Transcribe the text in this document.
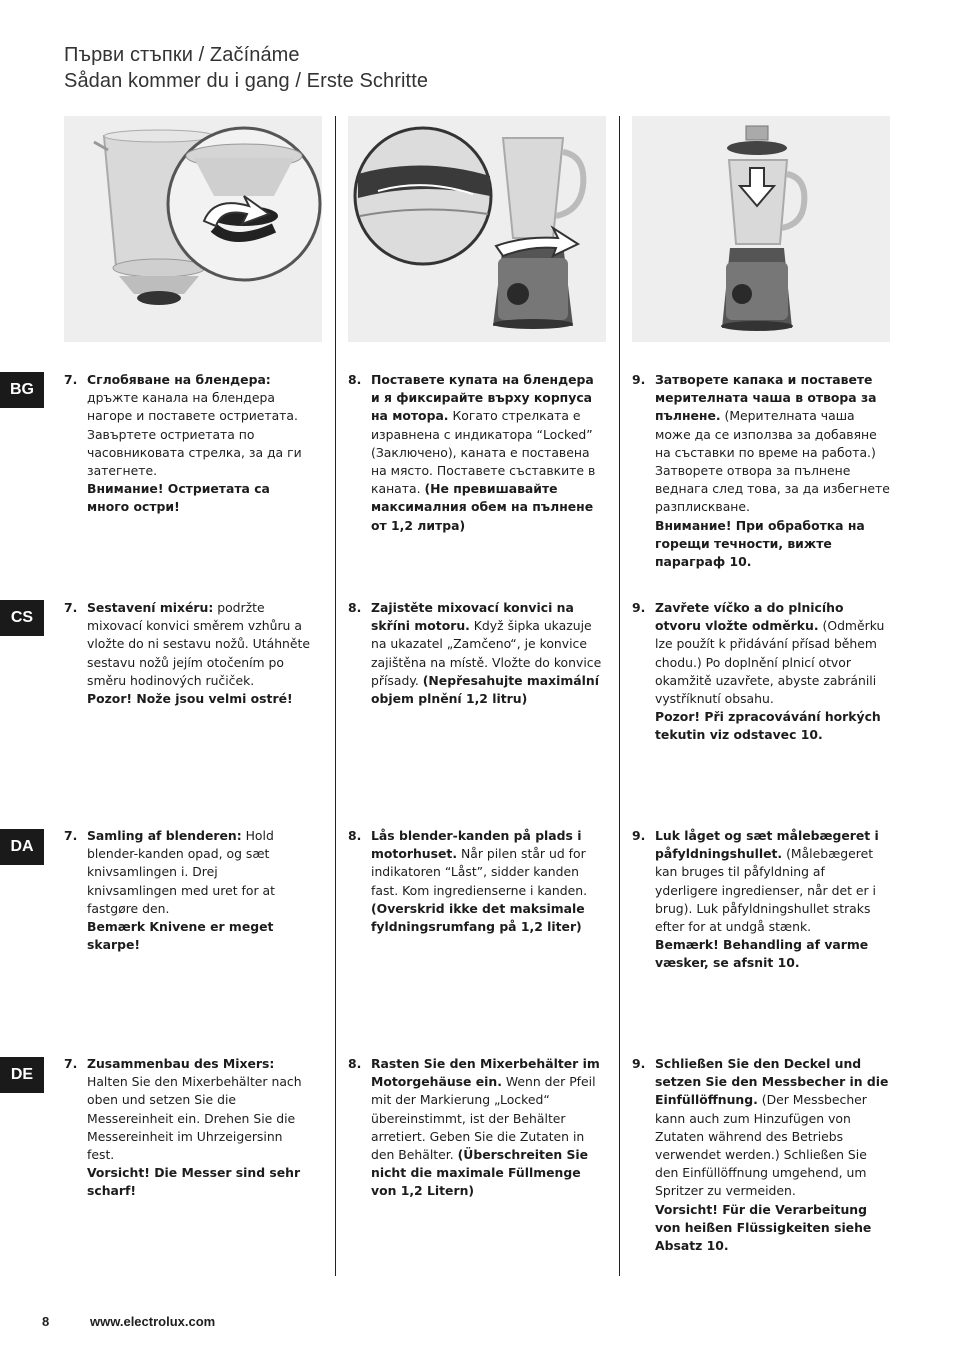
Първи стъпки / Začínáme
Sådan kommer du i gang / Erste Schritte
BG
CS
DA
DE
7. Сглобяване на блендера: дръжте канала на блендера нагоре и поставете остриетата. Завъртете остриетата по часовниковата стрелка, за да ги затегнете.
Внимание! Остриетата са много остри!
8. Поставете купата на блендера и я фиксирайте върху корпуса на мотора. Когато стрелката е изравнена с индикатора “Locked” (Заключено), каната е поставена на място. Поставете съставките в каната. (Не превишавайте максималния обем на пълнене от 1,2 литра)
9. Затворете капака и поставете мерителната чаша в отвора за пълнене. (Мерителната чаша може да се използва за добавяне на съставки по време на работа.) Затворете отвора за пълнене веднага след това, за да избегнете разплискване.
Внимание! При обработка на горещи течности, вижте параграф 10.
7. Sestavení mixéru: podržte mixovací konvici směrem vzhůru a vložte do ni sestavu nožů. Utáhněte sestavu nožů jejím otočením po směru hodinových ručiček.
Pozor! Nože jsou velmi ostré!
8. Zajistěte mixovací konvici na skříni motoru. Když šipka ukazuje na ukazatel „Zamčeno“, je konvice zajištěna na místě. Vložte do konvice přísady. (Nepřesahujte maximální objem plnění 1,2 litru)
9. Zavřete víčko a do plnicího otvoru vložte odměrku. (Odměrku lze použít k přidávání přísad během chodu.) Po doplnění plnicí otvor okamžitě uzavřete, abyste zabránili vystříknutí obsahu.
Pozor! Při zpracovávání horkých tekutin viz odstavec 10.
7. Samling af blenderen: Hold blender-kanden opad, og sæt knivsamlingen i. Drej knivsamlingen med uret for at fastgøre den.
Bemærk Knivene er meget skarpe!
8. Lås blender-kanden på plads i motorhuset. Når pilen står ud for indikatoren “Låst”, sidder kanden fast. Kom ingredienserne i kanden. (Overskrid ikke det maksimale fyldningsrumfang på 1,2 liter)
9. Luk låget og sæt målebægeret i påfyldningshullet. (Målebægeret kan bruges til påfyldning af yderligere ingredienser, når det er i brug). Luk påfyldningshullet straks efter for at undgå stænk.
Bemærk! Behandling af varme væsker, se afsnit 10.
7. Zusammenbau des Mixers: Halten Sie den Mixerbehälter nach oben und setzen Sie die Messereinheit ein. Drehen Sie die Messereinheit im Uhrzeigersinn fest.
Vorsicht! Die Messer sind sehr scharf!
8. Rasten Sie den Mixerbehälter im Motorgehäuse ein. Wenn der Pfeil mit der Markierung „Locked“ übereinstimmt, ist der Behälter arretiert. Geben Sie die Zutaten in den Behälter. (Überschreiten Sie nicht die maximale Füllmenge von 1,2 Litern)
9. Schließen Sie den Deckel und setzen Sie den Messbecher in die Einfüllöffnung. (Der Messbecher kann auch zum Hinzufügen von Zutaten während des Betriebs verwendet werden.) Schließen Sie den Einfüllöffnung umgehend, um Spritzer zu vermeiden.
Vorsicht! Für die Verarbeitung von heißen Flüssigkeiten siehe Absatz 10.
8	www.electrolux.com
